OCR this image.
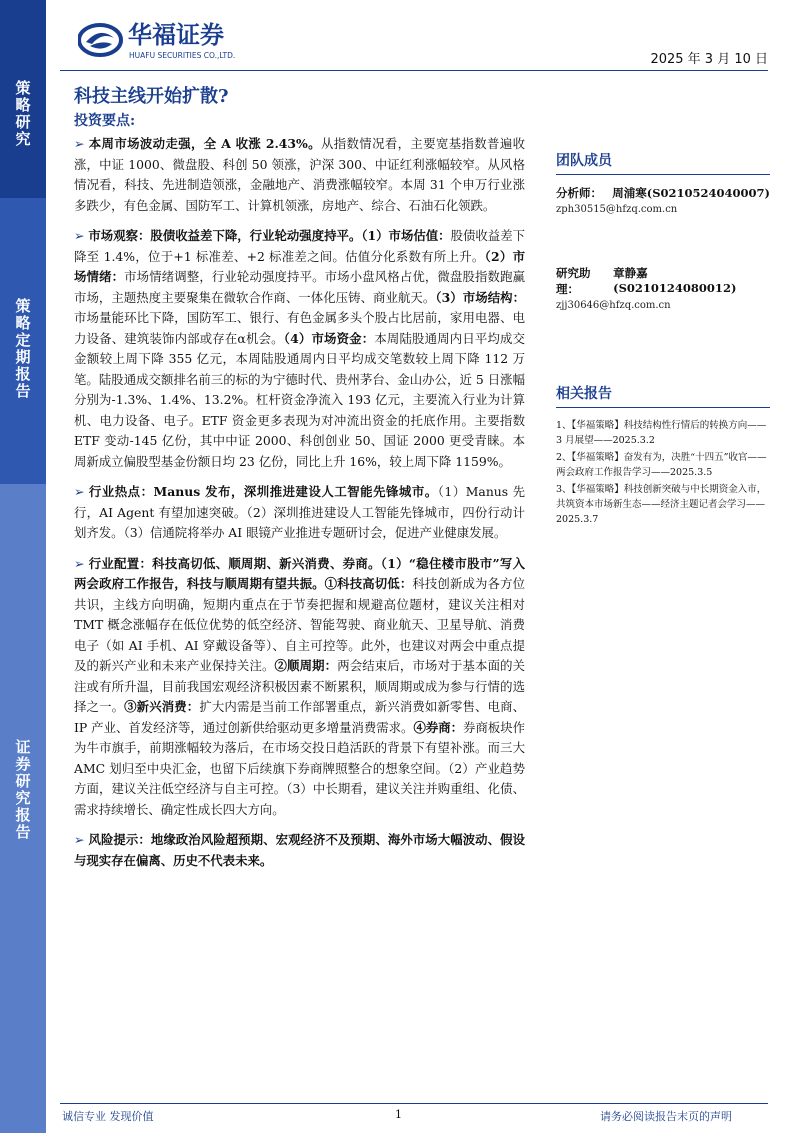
策略研究
策略定期报告
证券研究报告
华福证券
HUAFU SECURITIES CO.,LTD.	2025 年 3 月 10 日
科技主线开始扩散?
投资要点:

➢ 本周市场波动走强，全 A 收涨 2.43%。从指数情况看，主要宽基指数普遍收涨，中证 1000、微盘股、科创 50 领涨，沪深 300、中证红利涨幅较窄。从风格情况看，科技、先进制造领涨，金融地产、消费涨幅较窄。本周 31 个申万行业涨多跌少，有色金属、国防军工、计算机领涨，房地产、综合、石油石化领跌。

➢ 市场观察：股债收益差下降，行业轮动强度持平。（1）市场估值：股债收益差下降至 1.4%，位于+1 标准差、+2 标准差之间。估值分化系数有所上升。（2）市场情绪：市场情绪调整，行业轮动强度持平。市场小盘风格占优，微盘股指数跑赢市场，主题热度主要聚集在微软合作商、一体化压铸、商业航天。（3）市场结构：市场量能环比下降，国防军工、银行、有色金属多头个股占比居前，家用电器、电力设备、建筑装饰内部或存在α机会。（4）市场资金：本周陆股通周内日平均成交金额较上周下降 355 亿元，本周陆股通周内日平均成交笔数较上周下降 112 万笔。陆股通成交额排名前三的标的为宁德时代、贵州茅台、金山办公，近 5 日涨幅分别为-1.3%、1.4%、13.2%。杠杆资金净流入 193 亿元，主要流入行业为计算机、电力设备、电子。ETF 资金更多表现为对冲流出资金的托底作用。主要指数 ETF 变动-145 亿份，其中中证 2000、科创创业 50、国证 2000 更受青睐。本周新成立偏股型基金份额日均 23 亿份，同比上升 16%，较上周下降 1159%。

➢ 行业热点：Manus 发布，深圳推进建设人工智能先锋城市。（1）Manus 先行，AI Agent 有望加速突破。（2）深圳推进建设人工智能先锋城市，四份行动计划齐发。（3）信通院将举办 AI 眼镜产业推进专题研讨会，促进产业健康发展。

➢ 行业配置：科技高切低、顺周期、新兴消费、券商。（1）“稳住楼市股市”写入两会政府工作报告，科技与顺周期有望共振。①科技高切低：科技创新成为各方位共识，主线方向明确，短期内重点在于节奏把握和规避高位题材，建议关注相对 TMT 概念涨幅存在低位优势的低空经济、智能驾驶、商业航天、卫星导航、消费电子（如 AI 手机、AI 穿戴设备等）、自主可控等。此外，也建议对两会中重点提及的新兴产业和未来产业保持关注。②顺周期：两会结束后，市场对于基本面的关注或有所升温，目前我国宏观经济积极因素不断累积，顺周期或成为参与行情的选择之一。③新兴消费：扩大内需是当前工作部署重点，新兴消费如新零售、电商、IP 产业、首发经济等，通过创新供给驱动更多增量消费需求。④券商：券商板块作为牛市旗手，前期涨幅较为落后，在市场交投日趋活跃的背景下有望补涨。而三大 AMC 划归至中央汇金，也留下后续旗下券商牌照整合的想象空间。（2）产业趋势方面，建议关注低空经济与自主可控。（3）中长期看，建议关注并购重组、化债、需求持续增长、确定性成长四大方向。

➢ 风险提示：地缘政治风险超预期、宏观经济不及预期、海外市场大幅波动、假设与现实存在偏离、历史不代表未来。

团队成员
分析师： 周浦寒(S0210524040007)
zph30515@hfzq.com.cn
研究助理：
章静嘉(S0210124080012)
zjj30646@hfzq.com.cn
相关报告
1、【华福策略】科技结构性行情后的转换方向——3 月展望——2025.3.2
2、【华福策略】奋发有为，决胜“十四五”收官——两会政府工作报告学习——2025.3.5
3、【华福策略】科技创新突破与中长期资金入市，共筑资本市场新生态——经济主题记者会学习——2025.3.7
诚信专业 发现价值	1	请务必阅读报告末页的声明
